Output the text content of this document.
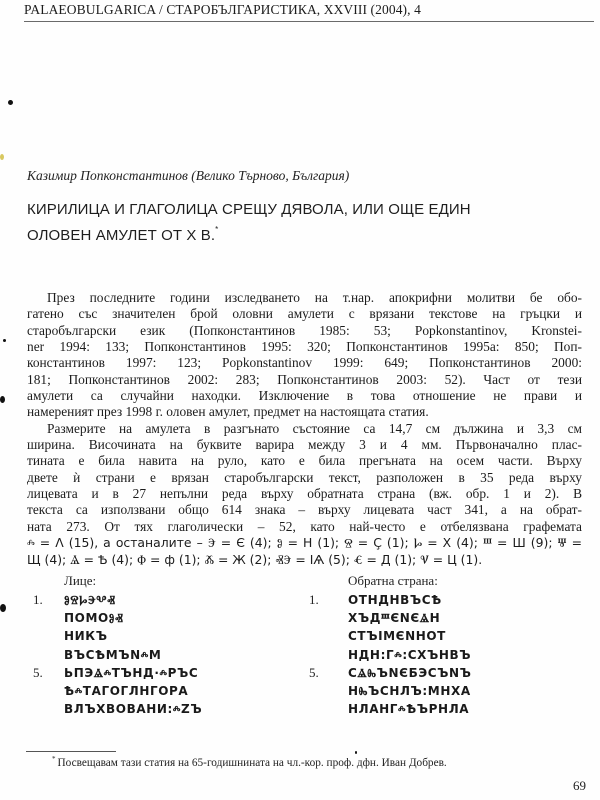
PALAEOBULGARICA / СТАРОБЪЛГАРИСТИКА, XXVIII (2004), 4
Казимир Попконстантинов (Велико Търново, България)
КИРИЛИЦА И ГЛАГОЛИЦА СРЕЩУ ДЯВОЛА, ИЛИ ОЩЕ ЕДИН
ОЛОВЕН АМУЛЕТ ОТ Х В.*
През последните години изследването на т.нар. апокрифни молитви бе обо-
гатено със значителен брой оловни амулети с врязани текстове на гръцки и
старобългарски език (Попконстантинов 1985: 53; Popkonstantinov, Kronstei-
ner 1994: 133; Попконстантинов 1995: 320; Попконстантинов 1995а: 850; Поп-
константинов 1997: 123; Popkonstantinov 1999: 649; Попконстантинов 2000:
181; Попконстантинов 2002: 283; Попконстантинов 2003: 52). Част от тези
амулети са случайни находки. Изключение в това отношение не прави и
намереният през 1998 г. оловен амулет, предмет на настоящата статия.
Размерите на амулета в разгънато състояние са 14,7 см дължина и 3,3 см
ширина. Височината на буквите варира между 3 и 4 мм. Първоначално плас-
тината е била навита на руло, като е била прегъната на осем части. Върху
двете ѝ страни е врязан старобългарски текст, разположен в 35 реда върху
лицевата и в 27 непълни реда върху обратната страна (вж. обр. 1 и 2). В
текста са използвани общо 614 знака – върху лицевата част 341, а на обрат-
ната 273. От тях глаголически – 52, като най-често е отбелязвана графемата
ⰾ = Λ (15), а останалите – Ⰵ = Є (4); Ⱁ = Н (1); Ⱄ = Ҫ (1); Ⱈ = Х (4); Ⱎ = Ш (9); Ⱋ =
Щ (4); Ⱑ = Ѣ (4); Ⱇ = ф (1); Ⰶ = Ж (2); ⰟⰅ = ІѦ (5); Ⱔ = Д (1); Ⱌ = Ц (1).
Лице:
1.
5.
ⰑⰔⰘⰅⰂⰟ
ПОМОⰑⰟ
НИКЪ
ВЪСѢМЪNⰾМ
ЬПЭⰡⰾТЪНД·ⰾРЪС
ѢⰾТАГОГЛНГОРА
ВЛЪХВОВАНИ:ⰾZЪ
Обратна страна:
1.
5.
ОТНДНВЪСѢ
ХЪДⰞЄNЄⰡН
СТЪІМЄNНОТ
НДН:Гⰾ:СХЪНВЪ
СⰡⰈЪNЄБЭСЪNЪ
НⰈЪСНЛЪ:МНХА
НЛАНГⰾѢЪРНЛА
* Посвещавам тази статия на 65-годишнината на чл.-кор. проф. дфн. Иван Добрев.
69
